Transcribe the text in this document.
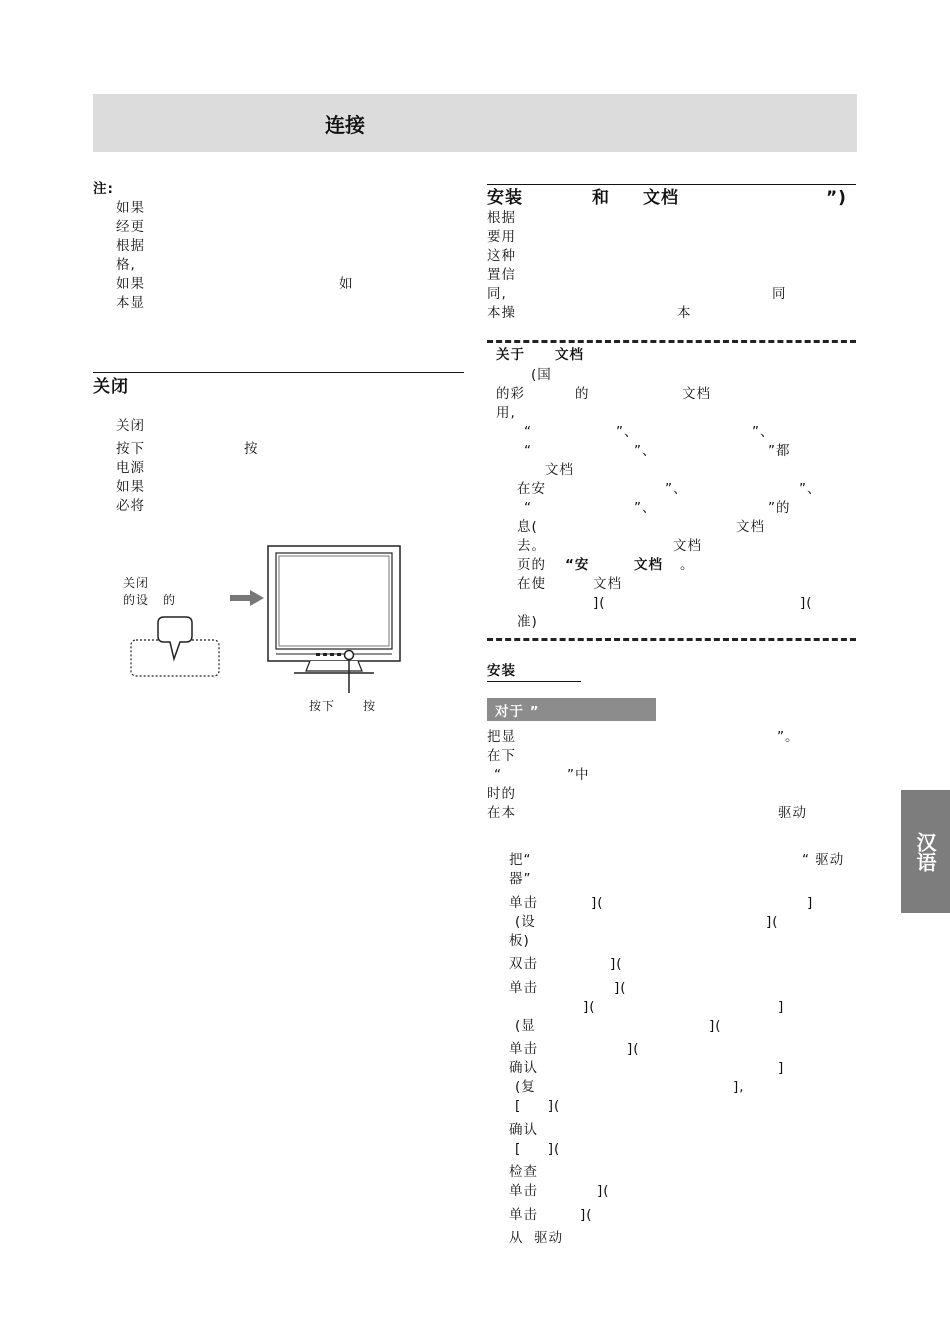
连接
汉语
注:
如果
经更
根据
格,
如果	如
本显
关闭
关闭
按下	按
电源
如果
必将
关闭
的设 的
按下 按
安装	和 文档	”)
根据
要用
这种
置信
同,	同
本操	本
关于 文档
(国
的彩	的	文档
用,
“	”、	”、
“	”、	”都
文档
在安	”、	”、
“	”、	”的
息(	文档
去。	文档
页的 “安	文档 。
在使	文档
](	](
准)
安装
对于 ”
把显	”。
在下
“	”中
时的
在本	驱动
把“	“ 驱动
器”
单击	](	]
(设	](
板)
双击	](
单击	](
](	]
(显	](
单击	](
确认	]
(复	],
[     ](
确认
[     ](
检查
单击	](
单击	](
从  驱动
